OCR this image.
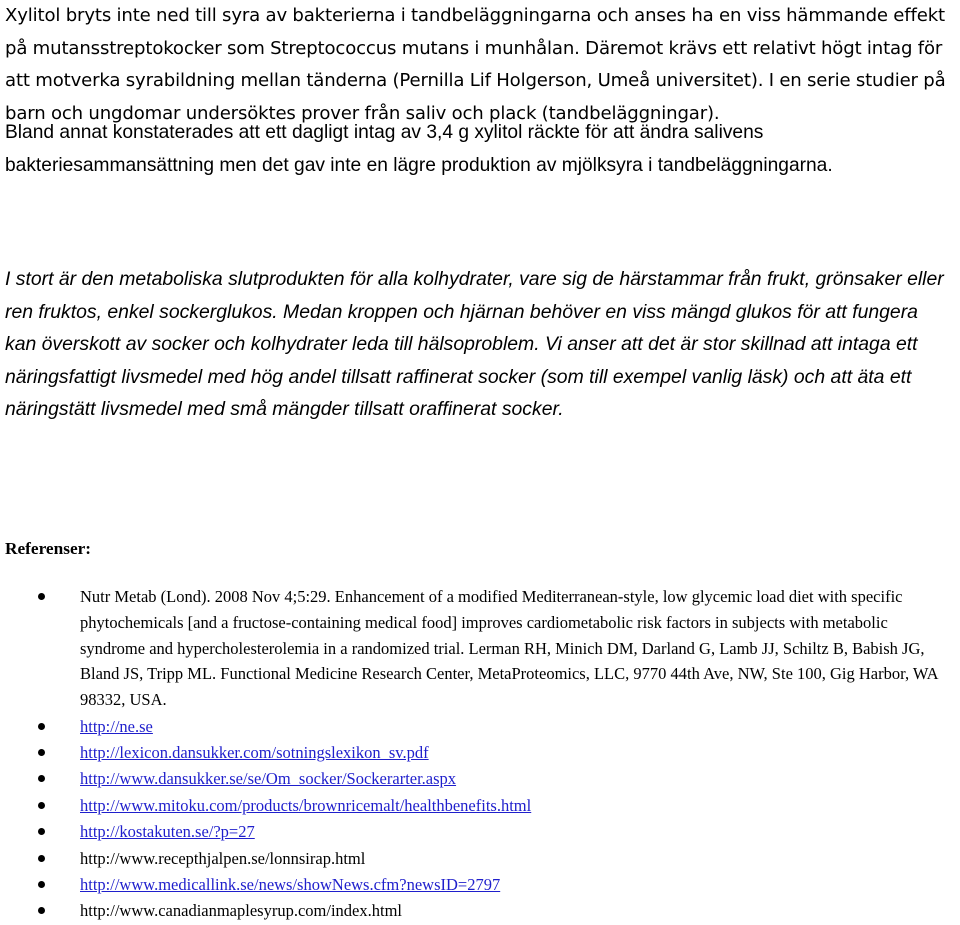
Xylitol bryts inte ned till syra av bakterierna i tandbeläggningarna och anses ha en viss hämmande effekt på mutansstreptokocker som Streptococcus mutans i munhålan. Däremot krävs ett relativt högt intag för att motverka syrabildning mellan tänderna (Pernilla Lif Holgerson, Umeå universitet). I en serie studier på barn och ungdomar undersöktes prover från saliv och plack (tandbeläggningar).

Bland annat konstaterades att ett dagligt intag av 3,4 g xylitol räckte för att ändra salivens bakteriesammansättning men det gav inte en lägre produktion av mjölksyra i tandbeläggningarna.

I stort är den metaboliska slutprodukten för alla kolhydrater, vare sig de härstammar från frukt, grönsaker eller ren fruktos, enkel sockerglukos. Medan kroppen och hjärnan behöver en viss mängd glukos för att fungera kan överskott av socker och kolhydrater leda till hälsoproblem. Vi anser att det är stor skillnad att intaga ett näringsfattigt livsmedel med hög andel tillsatt raffinerat socker (som till exempel vanlig läsk) och att äta ett näringstätt livsmedel med små mängder tillsatt oraffinerat socker.

Referenser:
Nutr Metab (Lond). 2008 Nov 4;5:29. Enhancement of a modified Mediterranean-style, low glycemic load diet with specific phytochemicals [and a fructose-containing medical food] improves cardiometabolic risk factors in subjects with metabolic syndrome and hypercholesterolemia in a randomized trial. Lerman RH, Minich DM, Darland G, Lamb JJ, Schiltz B, Babish JG, Bland JS, Tripp ML. Functional Medicine Research Center, MetaProteomics, LLC, 9770 44th Ave, NW, Ste 100, Gig Harbor, WA 98332, USA.
http://ne.se
http://lexicon.dansukker.com/sotningslexikon_sv.pdf
http://www.dansukker.se/se/Om_socker/Sockerarter.aspx
http://www.mitoku.com/products/brownricemalt/healthbenefits.html
http://kostakuten.se/?p=27
http://www.recepthjalpen.se/lonnsirap.html
http://www.medicallink.se/news/showNews.cfm?newsID=2797
http://www.canadianmaplesyrup.com/index.html
